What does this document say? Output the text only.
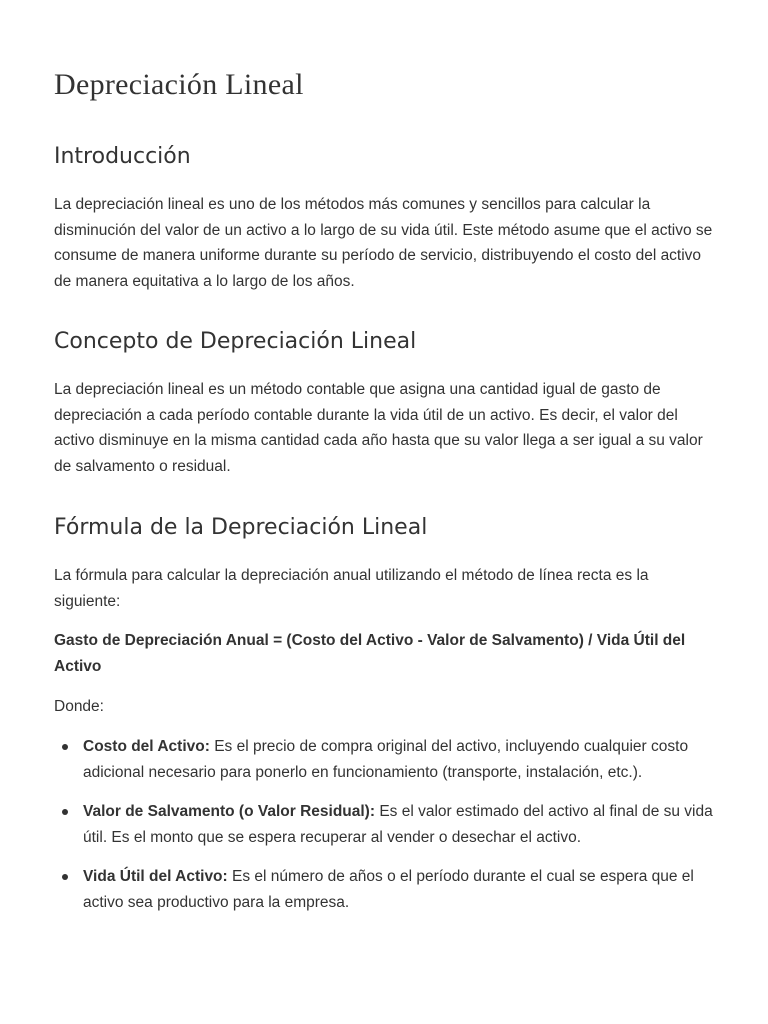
Depreciación Lineal
Introducción

La depreciación lineal es uno de los métodos más comunes y sencillos para calcular la disminución del valor de un activo a lo largo de su vida útil. Este método asume que el activo se consume de manera uniforme durante su período de servicio, distribuyendo el costo del activo de manera equitativa a lo largo de los años.

Concepto de Depreciación Lineal

La depreciación lineal es un método contable que asigna una cantidad igual de gasto de depreciación a cada período contable durante la vida útil de un activo. Es decir, el valor del activo disminuye en la misma cantidad cada año hasta que su valor llega a ser igual a su valor de salvamento o residual.

Fórmula de la Depreciación Lineal

La fórmula para calcular la depreciación anual utilizando el método de línea recta es la siguiente:

Gasto de Depreciación Anual = (Costo del Activo - Valor de Salvamento) / Vida Útil del Activo

Donde:

Costo del Activo: Es el precio de compra original del activo, incluyendo cualquier costo adicional necesario para ponerlo en funcionamiento (transporte, instalación, etc.).
Valor de Salvamento (o Valor Residual): Es el valor estimado del activo al final de su vida útil. Es el monto que se espera recuperar al vender o desechar el activo.
Vida Útil del Activo: Es el número de años o el período durante el cual se espera que el activo sea productivo para la empresa.
